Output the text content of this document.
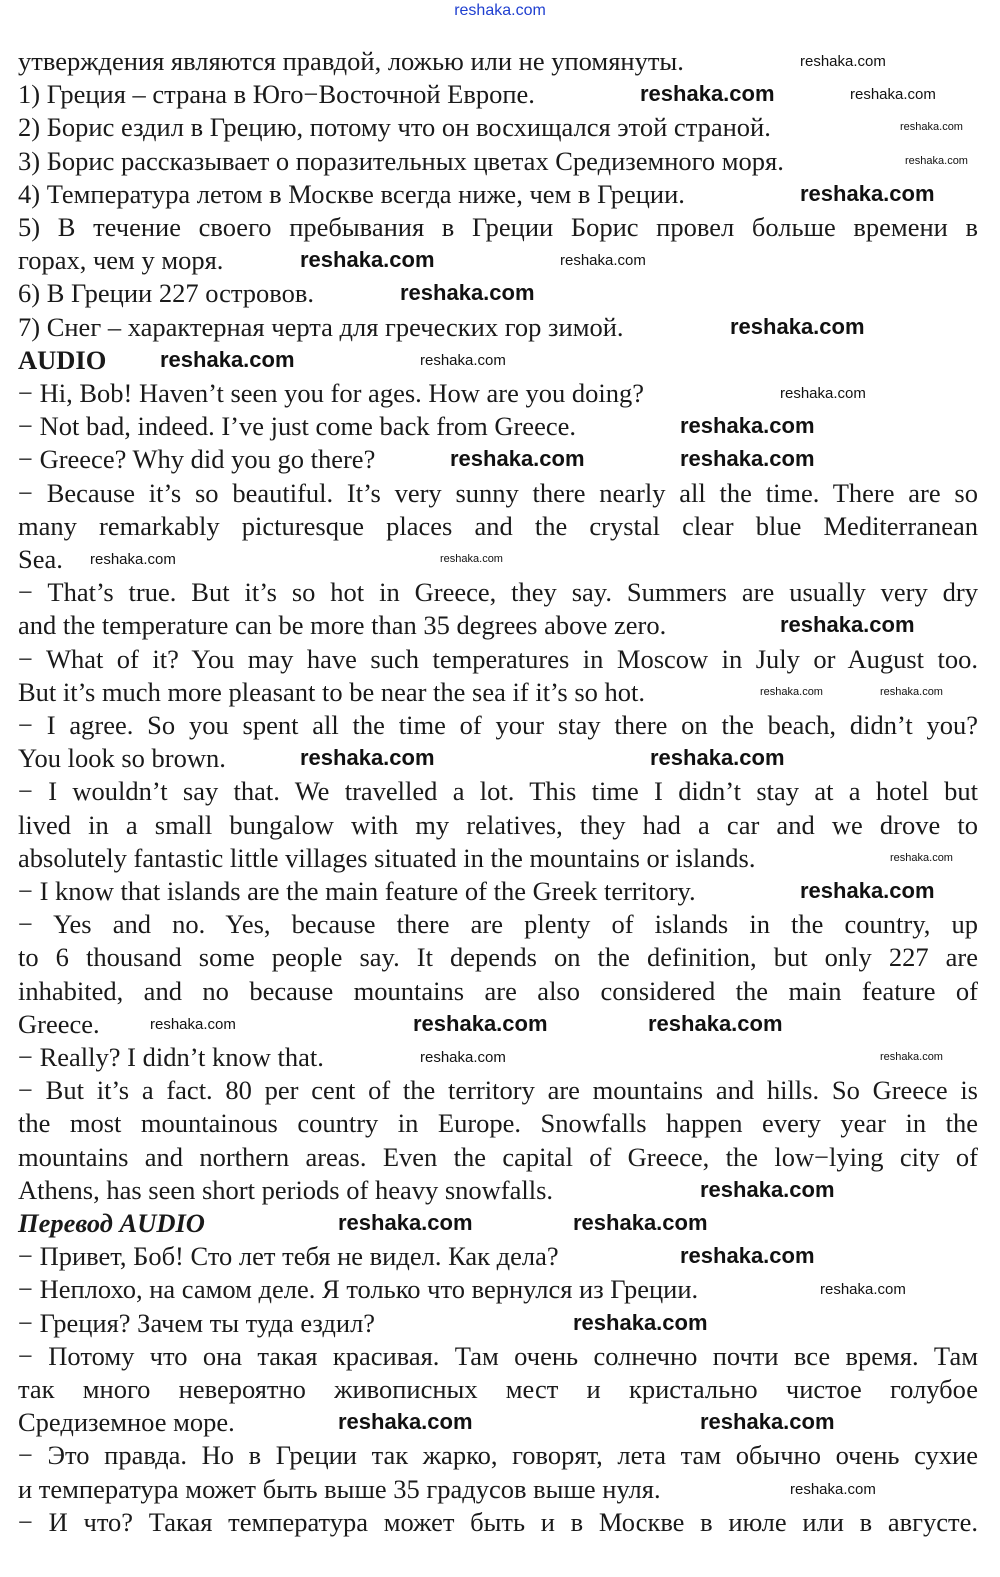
reshaka.com
утверждения являются правдой, ложью или не упомянуты.
1) Греция – страна в Юго−Восточной Европе.
2) Борис ездил в Грецию, потому что он восхищался этой страной.
3) Борис рассказывает о поразительных цветах Средиземного моря.
4) Температура летом в Москве всегда ниже, чем в Греции.
5) В течение своего пребывания в Греции Борис провел больше времени в
горах, чем у моря.
6) В Греции 227 островов.
7) Снег – характерная черта для греческих гор зимой.
AUDIO
− Hi, Bob! Haven’t seen you for ages. How are you doing?
− Not bad, indeed. I’ve just come back from Greece.
− Greece? Why did you go there?
− Because it’s so beautiful. It’s very sunny there nearly all the time. There are so
many remarkably picturesque places and the crystal clear blue Mediterranean
Sea.
− That’s true. But it’s so hot in Greece, they say. Summers are usually very dry
and the temperature can be more than 35 degrees above zero.
− What of it? You may have such temperatures in Moscow in July or August too.
But it’s much more pleasant to be near the sea if it’s so hot.
− I agree. So you spent all the time of your stay there on the beach, didn’t you?
You look so brown.
− I wouldn’t say that. We travelled a lot. This time I didn’t stay at a hotel but
lived in a small bungalow with my relatives, they had a car and we drove to
absolutely fantastic little villages situated in the mountains or islands.
− I know that islands are the main feature of the Greek territory.
− Yes and no. Yes, because there are plenty of islands in the country, up
to 6 thousand some people say. It depends on the definition, but only 227 are
inhabited, and no because mountains are also considered the main feature of
Greece.
− Really? I didn’t know that.
− But it’s a fact. 80 per cent of the territory are mountains and hills. So Greece is
the most mountainous country in Europe. Snowfalls happen every year in the
mountains and northern areas. Even the capital of Greece, the low−lying city of
Athens, has seen short periods of heavy snowfalls.
Перевод AUDIO
− Привет, Боб! Сто лет тебя не видел. Как дела?
− Неплохо, на самом деле. Я только что вернулся из Греции.
− Греция? Зачем ты туда ездил?
− Потому что она такая красивая. Там очень солнечно почти все время. Там
так много невероятно живописных мест и кристально чистое голубое
Средиземное море.
− Это правда. Но в Греции так жарко, говорят, лета там обычно очень сухие
и температура может быть выше 35 градусов выше нуля.
− И что? Такая температура может быть и в Москве в июле или в августе.
reshaka.com
reshaka.com	reshaka.com
reshaka.com
reshaka.com
reshaka.com
reshaka.com	reshaka.com
reshaka.com
reshaka.com
reshaka.com	reshaka.com
reshaka.com
reshaka.com
reshaka.com	reshaka.com
reshaka.com	reshaka.com
reshaka.com
reshaka.com	reshaka.com
reshaka.com	reshaka.com
reshaka.com
reshaka.com
reshaka.com	reshaka.com	reshaka.com
reshaka.com	reshaka.com
reshaka.com
reshaka.com	reshaka.com
reshaka.com
reshaka.com
reshaka.com
reshaka.com	reshaka.com
reshaka.com
